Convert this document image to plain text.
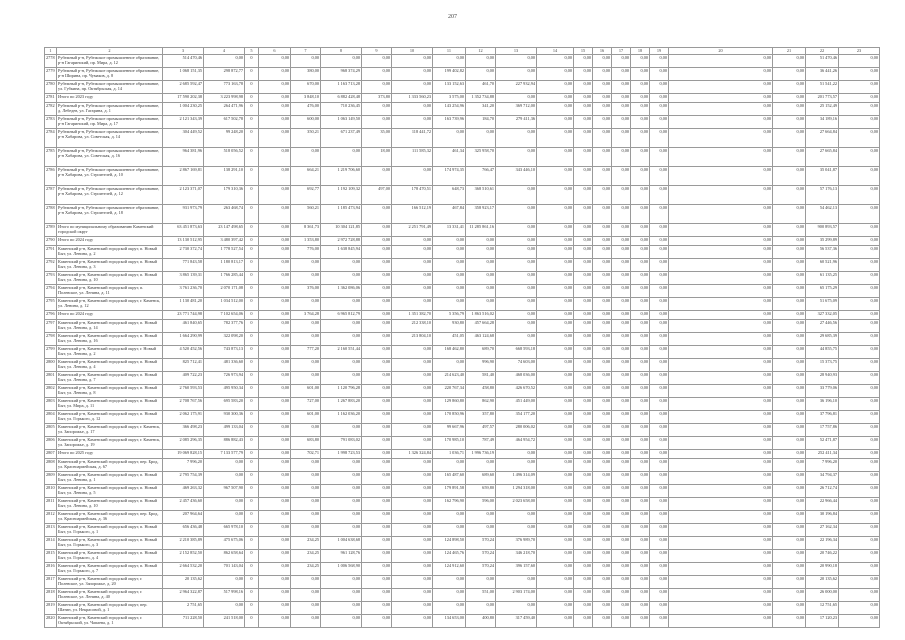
207
1	2	3	4	5	6	7	8	9	10	11	12	13	14	15	16	17	18	19	20	21	22	23
2778	Рубежный р-н, Рубежское промышленное образование, р-н Гагаринский, пр. Мира, д. 12	514 470,46	0,00	0	0,00	0,00	0,00	0,00	0,00	0,00	0,00	0,00	0,00	0,00	0,00	0,00	0,00	0,00	0,00	0,00	51 470,46	0,00
2779	Рубежный р-н, Рубежское промышленное образование, р-н Ширина, пр. Чумаков, д. 8	1 068 151,35	298 872,77	0	0,00	380,00	968 374,29	0,00	0,00	199 402,82	0,00	0,00	0,00	0,00	0,00	0,00	0,00	0,00	0,00	0,00	36 441,26	0,00
2780	Рубежный р-н, Рубежское промышленное образование, ул. Губкина, пр. Октябрьская, д. 14	2 685 592,47	773 163,78	0	0,00	670,00	1 163 713,28	0,00	0,00	133 152,63	461,70	227 932,94	0,00	0,00	0,00	0,00	0,00	0,00	0,00	0,00	51 541,22	0,00
2781	Итого по 2023 году	17 590 202,38	3 223 998,98	0	0,00	3 848,10	6 882 428,48	373,80	1 333 560,23	3 575,00	1 352 734,88	0,00	0,00	0,00	0,00	0,00	0,00	0,00	0,00	0,00	201 773,57	0,00
2782	Рубежный р-н, Рубежское промышленное образование, д. Лебедев, ул. Гагарина, д. 1	1 004 230,25	264 471,96	0	0,00	476,00	710 236,45	0,00	0,00	143 254,96	341,20	369 712,00	0,00	0,00	0,00	0,00	0,00	0,00	0,00	0,00	25 152,49	0,00
2783	Рубежный р-н, Рубежское промышленное образование, р-н Гагаринский, пр. Мира, д. 17	2 121 343,39	617 502,78	0	0,00	600,00	1 063 149,50	0,00	0,00	163 739,96	184,70	279 411,36	0,00	0,00	0,00	0,00	0,00	0,00	0,00	0,00	34 189,16	0,00
2784	Рубежный р-н, Рубежское промышленное образование, р-н Хабарова, ул. Советская, д. 14	304 449,52	99 248,20	0	0,00	350,21	671 237,49	35,00	118 441,72	0,00	0,00	0,00	0,00	0,00	0,00	0,00	0,00	0,00	0,00	0,00	27 664,84	0,00
2785	Рубежный р-н, Рубежское промышленное образование, р-н Хабарова, ул. Советская, д. 16	964 381,96	518 056,52	0	0,00	0,00	0,00	18,00	111 585,32	461,34	325 958,70	0,00	0,00	0,00	0,00	0,00	0,00	0,00	0,00	0,00	27 665,84	0,00
2786	Рубежный р-н, Рубежское промышленное образование, р-н Хабарова, ул. Строителей, д. 10	2 867 169,81	138 291,10	0	0,00	664,21	1 219 706,60	0,00	0,00	174 974,35	766,47	343 446,10	0,00	0,00	0,00	0,00	0,00	0,00	0,00	0,00	35 041,87	0,00
2787	Рубежный р-н, Рубежское промышленное образование, р-н Хабарова, ул. Строителей, д. 12	2 123 371,07	179 310,36	0	0,00	692,77	1 192 109,32	497,00	178 470,51	648,73	368 510,61	0,00	0,00	0,00	0,00	0,00	0,00	0,00	0,00	0,00	57 176,13	0,00
2788	Рубежный р-н, Рубежское промышленное образование, р-н Хабарова, ул. Строителей, д. 18	931 973,79	263 468,74	0	0,00	560,21	1 185 473,94	0,00	166 512,19	467,84	358 923,17	0,00	0,00	0,00	0,00	0,00	0,00	0,00	0,00	0,00	54 462,13	0,00
2789	Итого по муниципальному образованию Каменский городской округ	63 451 873,63	23 147 498,65	0	0,00	8 361,73	10 304 121,85	0,00	2 251 791,49	13 331,41	11 285 861,16	0,00	0,00	0,00	0,00	0,00	0,00	0,00	0,00	0,00	900 893,57	0,00
2790	Итого по 2024 году	13 130 512,95	3 480 397,42	0	0,00	1 353,80	2 972 728,88	0,00	0,00	0,00	0,00	0,00	0,00	0,00	0,00	0,00	0,00	0,00	0,00	0,00	35 299,89	0,00
2791	Каменский р-н, Каменский городской округ, п. Новый Быт, ул. Ленина, д. 2	2 730 372,74	1 778 527,54	0	0,00	776,00	1 638 845,94	0,00	0,00	0,00	0,00	0,00	0,00	0,00	0,00	0,00	0,00	0,00	0,00	0,00	56 537,36	0,00
2792	Каменский р-н, Каменский городской округ, п. Новый Быт, ул. Ленина, д. 3	771 843,58	1 180 813,17	0	0,00	0,00	0,00	0,00	0,00	0,00	0,00	0,00	0,00	0,00	0,00	0,00	0,00	0,00	0,00	0,00	60 521,96	0,00
2793	Каменский р-н, Каменский городской округ, п. Новый Быт, ул. Ленина, д. 10	3 865 139,31	1 766 285,44	0	0,00	0,00	0,00	0,00	0,00	0,00	0,00	0,00	0,00	0,00	0,00	0,00	0,00	0,00	0,00	0,00	61 135,25	0,00
2794	Каменский р-н, Каменский городской округ, п. Полевское, ул. Ленина, д. 11	3 761 236,70	2 070 171,08	0	0,00	376,00	1 362 086,06	0,00	0,00	0,00	0,00	0,00	0,00	0,00	0,00	0,00	0,00	0,00	0,00	0,00	65 175,29	0,00
2795	Каменский р-н, Каменский городской округ, г. Каменск, ул. Ленина, д. 12	1 130 481,20	1 034 512,00	0	0,00	0,00	0,00	0,00	0,00	0,00	0,00	0,00	0,00	0,00	0,00	0,00	0,00	0,00	0,00	0,00	51 675,09	0,00
2796	Итого по 2024 году	23 771 744,98	7 102 654,06	0	0,00	3 764,28	6 965 812,79	0,00	1 351 382,70	5 356,79	1 863 516,02	0,00	0,00	0,00	0,00	0,00	0,00	0,00	0,00	0,00	327 332,05	0,00
2797	Каменский р-н, Каменский городской округ, п. Новый Быт, ул. Ленина, д. 14	461 840,65	782 377,76	0	0,00	0,00	0,00	0,00	212 338,10	930,80	457 664,28	0,00	0,00	0,00	0,00	0,00	0,00	0,00	0,00	0,00	27 446,56	0,00
2798	Каменский р-н, Каменский городской округ, п. Новый Быт, ул. Ленина, д. 16	1 664 290,99	322 098,20	0	0,00	0,00	0,00	0,00	213 804,10	451,05	463 124,68	0,00	0,00	0,00	0,00	0,00	0,00	0,00	0,00	0,00	29 685,39	0,00
2799	Каменский р-н, Каменский городской округ, г. Новый Быт, ул. Ленина, д. 2	4 520 452,56	743 873,13	0	0,00	777,20	2 160 551,44	0,00	0,00	168 462,80	689,70	668 593,18	0,00	0,00	0,00	0,00	0,00	0,00	0,00	0,00	44 855,75	0,00
2800	Каменский р-н, Каменский городской округ, п. Новый Быт, ул. Ленина, д. 4	825 712,41	481 336,60	0	0,00	0,00	0,00	0,00	0,00	0,00	996,90	74 603,00	0,00	0,00	0,00	0,00	0,00	0,00	0,00	0,00	15 373,75	0,00
2801	Каменский р-н, Каменский городской округ, п. Новый Быт, ул. Ленина, д. 7	409 722,23	726 973,94	0	0,00	0,00	0,00	0,00	0,00	214 623,40	581,40	468 036,00	0,00	0,00	0,00	0,00	0,00	0,00	0,00	0,00	28 940,93	0,00
2802	Каменский р-н, Каменский городской округ, п. Новый Быт, ул. Ленина, д. 8	2 760 593,53	495 950,34	0	0,00	601,00	1 120 796,28	0,00	0,00	220 767,34	458,80	426 670,52	0,00	0,00	0,00	0,00	0,00	0,00	0,00	0,00	33 779,06	0,00
2803	Каменский р-н, Каменский городской округ, п. Новый Быт, ул. Мира, д. 11	2 708 767,56	695 583,20	0	0,00	727,00	1 267 883,20	0,00	0,00	129 860,80	862,90	451 449,00	0,00	0,00	0,00	0,00	0,00	0,00	0,00	0,00	36 196,10	0,00
2804	Каменский р-н, Каменский городской округ, п. Новый Быт, ул. Горького, д. 12	2 062 175,91	930 300,36	0	0,00	601,00	1 162 036,20	0,00	0,00	170 850,96	357,80	354 177,20	0,00	0,00	0,00	0,00	0,00	0,00	0,00	0,00	37 796,81	0,00
2805	Каменский р-н, Каменский городской округ, г. Каменск, ул. Запорожье, д. 17	366 498,23	499 133,04	0	0,00	0,00	0,00	0,00	0,00	99 667,96	497,57	280 006,02	0,00	0,00	0,00	0,00	0,00	0,00	0,00	0,00	17 757,86	0,00
2806	Каменский р-н, Каменский городской округ, г. Каменск, ул. Запорожье, д. 19	2 085 296,35	886 882,43	0	0,00	683,80	791 083,02	0,00	0,00	170 985,10	787,49	464 954,72	0,00	0,00	0,00	0,00	0,00	0,00	0,00	0,00	52 471,87	0,00
2807	Итого по 2025 году	19 069 828,15	7 133 577,79	0	0,00	702,71	1 998 723,53	0,00	1 326 324,84	1 036,71	1 996 736,19	0,00	0,00	0,00	0,00	0,00	0,00	0,00	0,00	0,00	252 411,34	0,00
2808	Каменский р-н, Каменский городской округ, пер. Брод, ул. Красноармейская, д. 67	7 996,20	0,00	0	0,00	0,00	0,00	0,00	0,00	0,00	0,00	0,00	0,00	0,00	0,00	0,00	0,00	0,00	0,00	0,00	7 996,20	0,00
2809	Каменский р-н, Каменский городской округ, п. Новый Быт, ул. Ленина, д. 1	2 795 754,39	0,00	0	0,00	0,00	0,00	0,00	0,00	165 487,60	689,60	1 496 314,09	0,00	0,00	0,00	0,00	0,00	0,00	0,00	0,00	34 794,37	0,00
2810	Каменский р-н, Каменский городской округ, п. Новый Быт, ул. Ленина, д. 5	469 263,32	967 507,90	0	0,00	0,00	0,00	0,00	0,00	179 891,58	659,80	1 294 318,00	0,00	0,00	0,00	0,00	0,00	0,00	0,00	0,00	26 712,74	0,00
2811	Каменский р-н, Каменский городской округ, п. Новый Быт, ул. Ленина, д. 10	2 457 436,60	0,00	0	0,00	0,00	0,00	0,00	0,00	162 796,90	596,00	2 023 658,00	0,00	0,00	0,00	0,00	0,00	0,00	0,00	0,00	22 966,44	0,00
2812	Каменский р-н, Каменский городской округ, пер. Брод, ул. Красноармейская, д. 36	207 964,64	0,00	0	0,00	0,00	0,00	0,00	0,00	0,00	0,00	0,00	0,00	0,00	0,00	0,00	0,00	0,00	0,00	0,00	30 196,84	0,00
2813	Каменский р-н, Каменский городской округ, п. Новый Быт, ул. Горького, д. 1	656 436,48	665 978,10	0	0,00	0,00	0,00	0,00	0,00	0,00	0,00	0,00	0,00	0,00	0,00	0,00	0,00	0,00	0,00	0,00	27 162,34	0,00
2814	Каменский р-н, Каменский городской округ, п. Новый Быт, ул. Горького, д. 3	2 210 385,89	475 675,06	0	0,00	234,25	1 004 638,68	0,00	0,00	124 898,50	570,24	376 989,70	0,00	0,00	0,00	0,00	0,00	0,00	0,00	0,00	22 196,34	0,00
2815	Каменский р-н, Каменский городской округ, п. Новый Быт, ул. Горького, д. 4	2 152 852,50	862 658,64	0	0,00	234,25	961 128,76	0,00	0,00	124 465,76	570,24	346 218,70	0,00	0,00	0,00	0,00	0,00	0,00	0,00	0,00	20 746,22	0,00
2816	Каменский р-н, Каменский городской округ, п. Новый Быт, ул. Горького, д. 7	2 664 532,20	701 143,04	0	0,00	234,25	1 006 568,90	0,00	0,00	124 912,60	570,24	396 157,60	0,00	0,00	0,00	0,00	0,00	0,00	0,00	0,00	20 990,18	0,00
2817	Каменский р-н, Каменский городской округ, г. Полевское, ул. Запорожье, д. 20	20 135,62	0,00	0	0,00	0,00	0,00	0,00	0,00	0,00	0,00	0,00	0,00	0,00	0,00	0,00	0,00	0,00	0,00	0,00	20 135,62	0,00
2818	Каменский р-н, Каменский городской округ, г. Полевское, ул. Ленина, д. 40	2 964 322,87	517 998,16	0	0,00	0,00	0,00	0,00	0,00	0,00	551,00	2 903 174,00	0,00	0,00	0,00	0,00	0,00	0,00	0,00	0,00	26 000,00	0,00
2819	Каменский р-н, Каменский городской округ, пер. Шатин, ул. Некрасовой, д. 1	2 751,65	0,00	0	0,00	0,00	0,00	0,00	0,00	0,00	0,00	0,00	0,00	0,00	0,00	0,00	0,00	0,00	0,00	0,00	12 751,65	0,00
2820	Каменский р-н, Каменский городской округ, г. Октябрьский, ул. Чапаева, д. 1	711 228,50	241 518,00	0	0,00	0,00	0,00	0,00	0,00	134 653,00	400,80	317 459,40	0,00	0,00	0,00	0,00	0,00	0,00	0,00	0,00	17 120,23	0,00
